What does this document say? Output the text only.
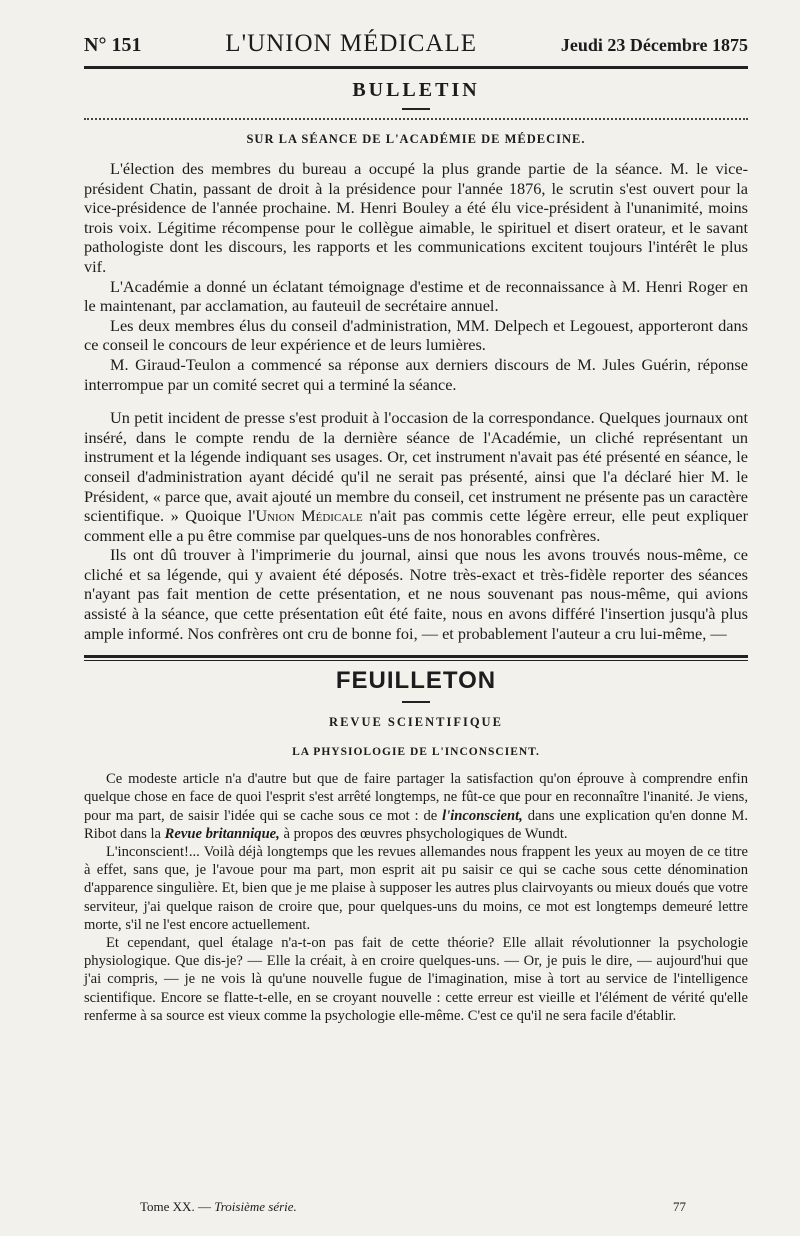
N° 151	L'UNION MÉDICALE	Jeudi 23 Décembre 1875
BULLETIN
SUR LA SÉANCE DE L'ACADÉMIE DE MÉDECINE.

L'élection des membres du bureau a occupé la plus grande partie de la séance. M. le vice-président Chatin, passant de droit à la présidence pour l'année 1876, le scrutin s'est ouvert pour la vice-présidence de l'année prochaine. M. Henri Bouley a été élu vice-président à l'unanimité, moins trois voix. Légitime récompense pour le collègue aimable, le spirituel et disert orateur, et le savant pathologiste dont les discours, les rapports et les communications excitent toujours l'intérêt le plus vif.

L'Académie a donné un éclatant témoignage d'estime et de reconnaissance à M. Henri Roger en le maintenant, par acclamation, au fauteuil de secrétaire annuel.

Les deux membres élus du conseil d'administration, MM. Delpech et Legouest, apporteront dans ce conseil le concours de leur expérience et de leurs lumières.

M. Giraud-Teulon a commencé sa réponse aux derniers discours de M. Jules Guérin, réponse interrompue par un comité secret qui a terminé la séance.

Un petit incident de presse s'est produit à l'occasion de la correspondance. Quelques journaux ont inséré, dans le compte rendu de la dernière séance de l'Académie, un cliché représentant un instrument et la légende indiquant ses usages. Or, cet instrument n'avait pas été présenté en séance, le conseil d'administration ayant décidé qu'il ne serait pas présenté, ainsi que l'a déclaré hier M. le Président, « parce que, avait ajouté un membre du conseil, cet instrument ne présente pas un caractère scientifique. » Quoique l'Union Médicale n'ait pas commis cette légère erreur, elle peut expliquer comment elle a pu être commise par quelques-uns de nos honorables confrères.

Ils ont dû trouver à l'imprimerie du journal, ainsi que nous les avons trouvés nous-même, ce cliché et sa légende, qui y avaient été déposés. Notre très-exact et très-fidèle reporter des séances n'ayant pas fait mention de cette présentation, et ne nous souvenant pas nous-même, qui avions assisté à la séance, que cette présentation eût été faite, nous en avons différé l'insertion jusqu'à plus ample informé. Nos confrères ont cru de bonne foi, — et probablement l'auteur a cru lui-même, —

FEUILLETON
REVUE SCIENTIFIQUE
LA PHYSIOLOGIE DE L'INCONSCIENT.

Ce modeste article n'a d'autre but que de faire partager la satisfaction qu'on éprouve à comprendre enfin quelque chose en face de quoi l'esprit s'est arrêté longtemps, ne fût-ce que pour en reconnaître l'inanité. Je viens, pour ma part, de saisir l'idée qui se cache sous ce mot : de l'inconscient, dans une explication qu'en donne M. Ribot dans la Revue britannique, à propos des œuvres phsychologiques de Wundt.

L'inconscient!... Voilà déjà longtemps que les revues allemandes nous frappent les yeux au moyen de ce titre à effet, sans que, je l'avoue pour ma part, mon esprit ait pu saisir ce qui se cache sous cette dénomination d'apparence singulière. Et, bien que je me plaise à supposer les autres plus clairvoyants ou mieux doués que votre serviteur, j'ai quelque raison de croire que, pour quelques-uns du moins, ce mot est longtemps demeuré lettre morte, s'il ne l'est encore actuellement.

Et cependant, quel étalage n'a-t-on pas fait de cette théorie? Elle allait révolutionner la psychologie physiologique. Que dis-je? — Elle la créait, à en croire quelques-uns. — Or, je puis le dire, — aujourd'hui que j'ai compris, — je ne vois là qu'une nouvelle fugue de l'imagination, mise à tort au service de l'intelligence scientifique. Encore se flatte-t-elle, en se croyant nouvelle : cette erreur est vieille et l'élément de vérité qu'elle renferme à sa source est vieux comme la psychologie elle-même. C'est ce qu'il ne sera facile d'établir.

Tome XX. — Troisième série.	77
